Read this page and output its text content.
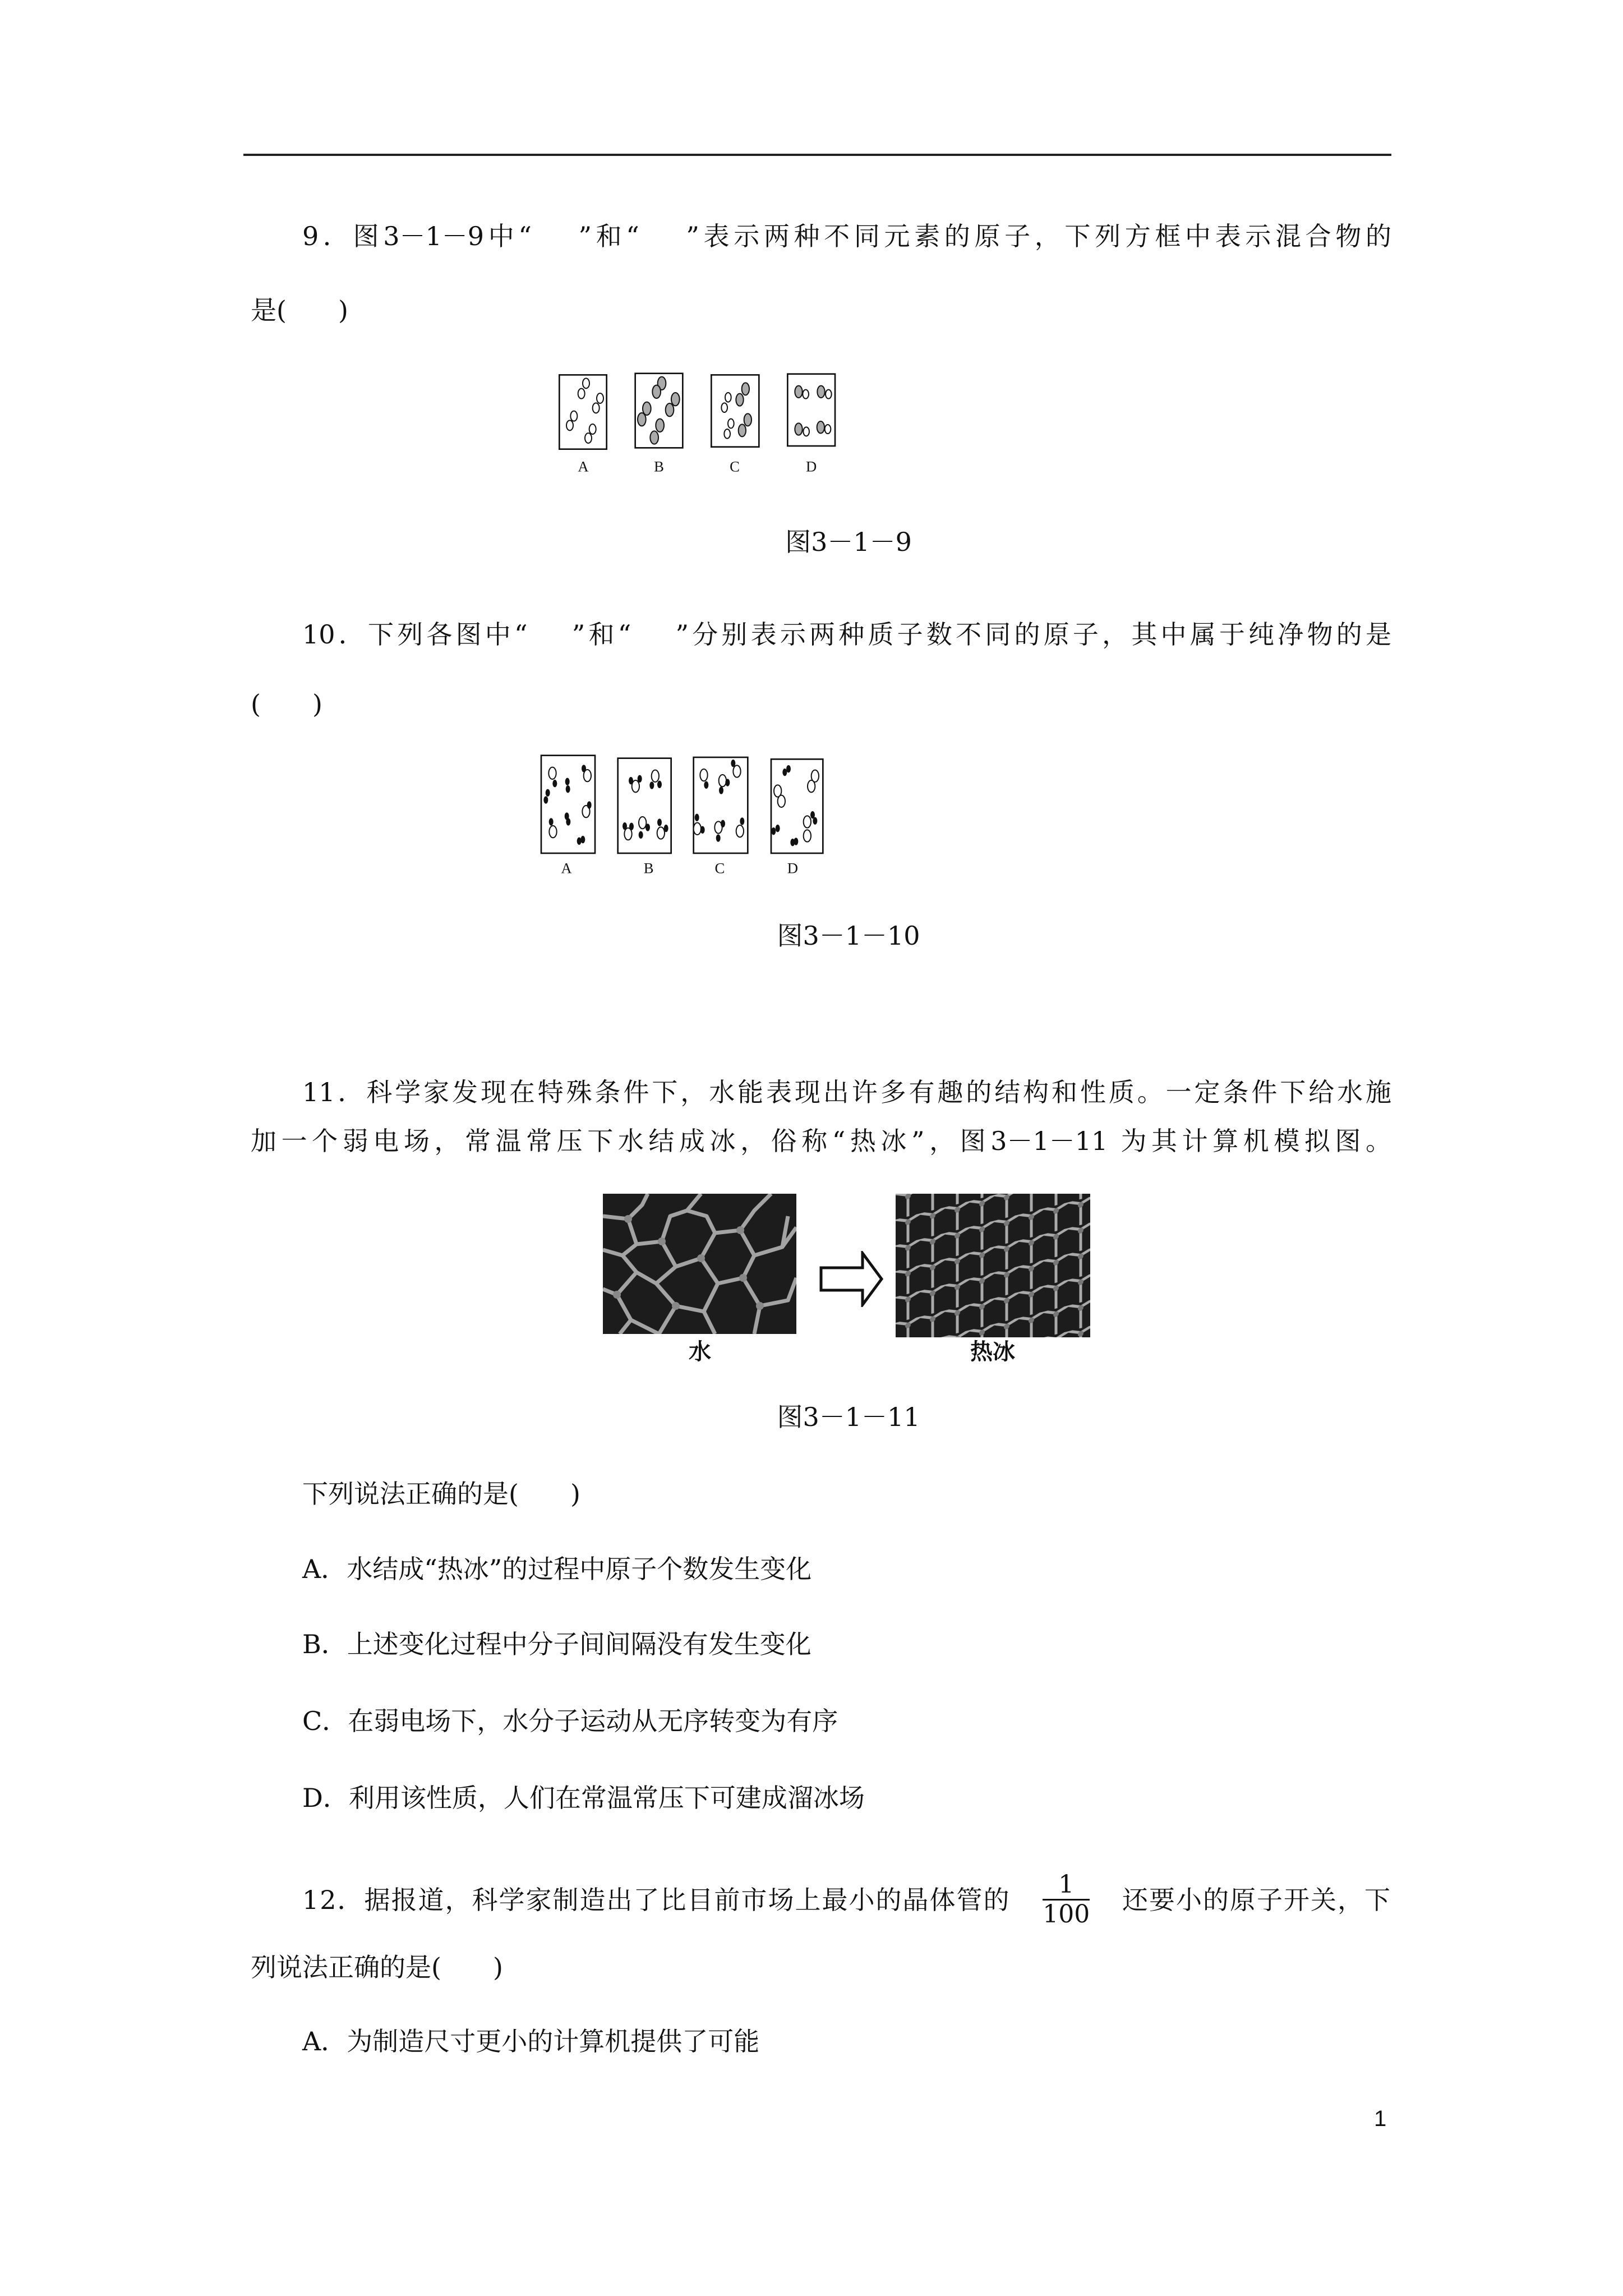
9．图3－1－9中“　 ”和“　 ”表示两种不同元素的原子，下列方框中表示混合物的
是(　　)
A B C D
图3－1－9
10．下列各图中“　 ”和“　 ”分别表示两种质子数不同的原子，其中属于纯净物的是
(　　)
A B C D
图3－1－10
11．科学家发现在特殊条件下，水能表现出许多有趣的结构和性质。一定条件下给水施
加一个弱电场，常温常压下水结成冰，俗称“热冰”，图3－1－11 为其计算机模拟图。
水	热冰
图3－1－11
下列说法正确的是(　　)
A．水结成“热冰”的过程中原子个数发生变化
B．上述变化过程中分子间间隔没有发生变化
C．在弱电场下，水分子运动从无序转变为有序
D．利用该性质，人们在常温常压下可建成溜冰场
12．据报道，科学家制造出了比目前市场上最小的晶体管的 $\frac{1}{100}$ 还要小的原子开关，下
列说法正确的是(　　)
A．为制造尺寸更小的计算机提供了可能
1
